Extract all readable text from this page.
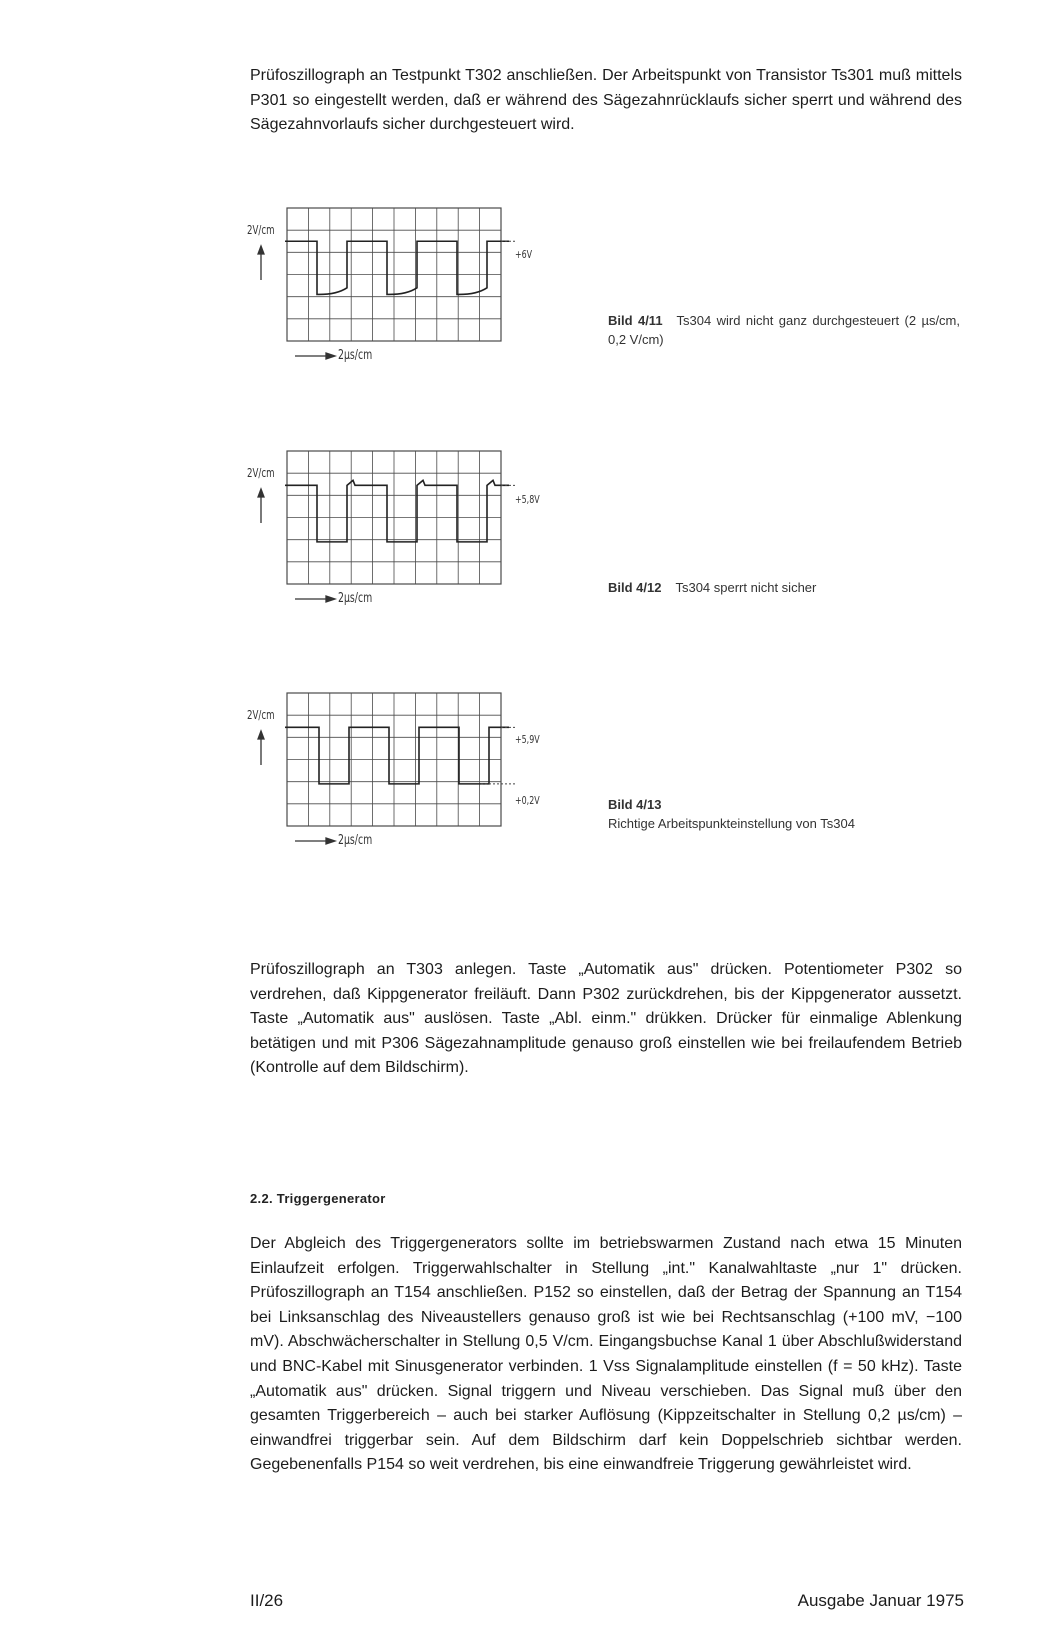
Prüfoszillograph an Testpunkt T302 anschließen. Der Arbeitspunkt von Transistor Ts301 muß mittels P301 so eingestellt werden, daß er während des Sägezahnrücklaufs sicher sperrt und während des Sägezahnvorlaufs sicher durchgesteuert wird.

2V/cm
2µs/cm
+6V

Bild 4/11 Ts304 wird nicht ganz durchgesteuert (2 µs/cm, 0,2 V/cm)

2V/cm
2µs/cm
+5,8V

Bild 4/12 Ts304 sperrt nicht sicher

2V/cm
2µs/cm
+5,9V
+0,2V	Bild 4/13
Richtige Arbeitspunkteinstellung von Ts304

Prüfoszillograph an T303 anlegen. Taste „Automatik aus" drücken. Potentiometer P302 so verdrehen, daß Kippgenerator freiläuft. Dann P302 zurückdrehen, bis der Kippgenerator aussetzt. Taste „Automatik aus" auslösen. Taste „Abl. einm." drükken. Drücker für einmalige Ablenkung betätigen und mit P306 Sägezahnamplitude genauso groß einstellen wie bei freilaufendem Betrieb (Kontrolle auf dem Bildschirm).

2.2. Triggergenerator

Der Abgleich des Triggergenerators sollte im betriebswarmen Zustand nach etwa 15 Minuten Einlaufzeit erfolgen. Triggerwahlschalter in Stellung „int." Kanalwahltaste „nur 1" drücken. Prüfoszillograph an T154 anschließen. P152 so einstellen, daß der Betrag der Spannung an T154 bei Linksanschlag des Niveaustellers genauso groß ist wie bei Rechtsanschlag (+100 mV, −100 mV). Abschwächerschalter in Stellung 0,5 V/cm. Eingangsbuchse Kanal 1 über Abschlußwiderstand und BNC-Kabel mit Sinusgenerator verbinden. 1 Vss Signalamplitude einstellen (f = 50 kHz). Taste „Automatik aus" drücken. Signal triggern und Niveau verschieben. Das Signal muß über den gesamten Triggerbereich – auch bei starker Auflösung (Kippzeitschalter in Stellung 0,2 µs/cm) – einwandfrei triggerbar sein. Auf dem Bildschirm darf kein Doppelschrieb sichtbar werden. Gegebenenfalls P154 so weit verdrehen, bis eine einwandfreie Triggerung gewährleistet wird.

II/26	Ausgabe Januar 1975
